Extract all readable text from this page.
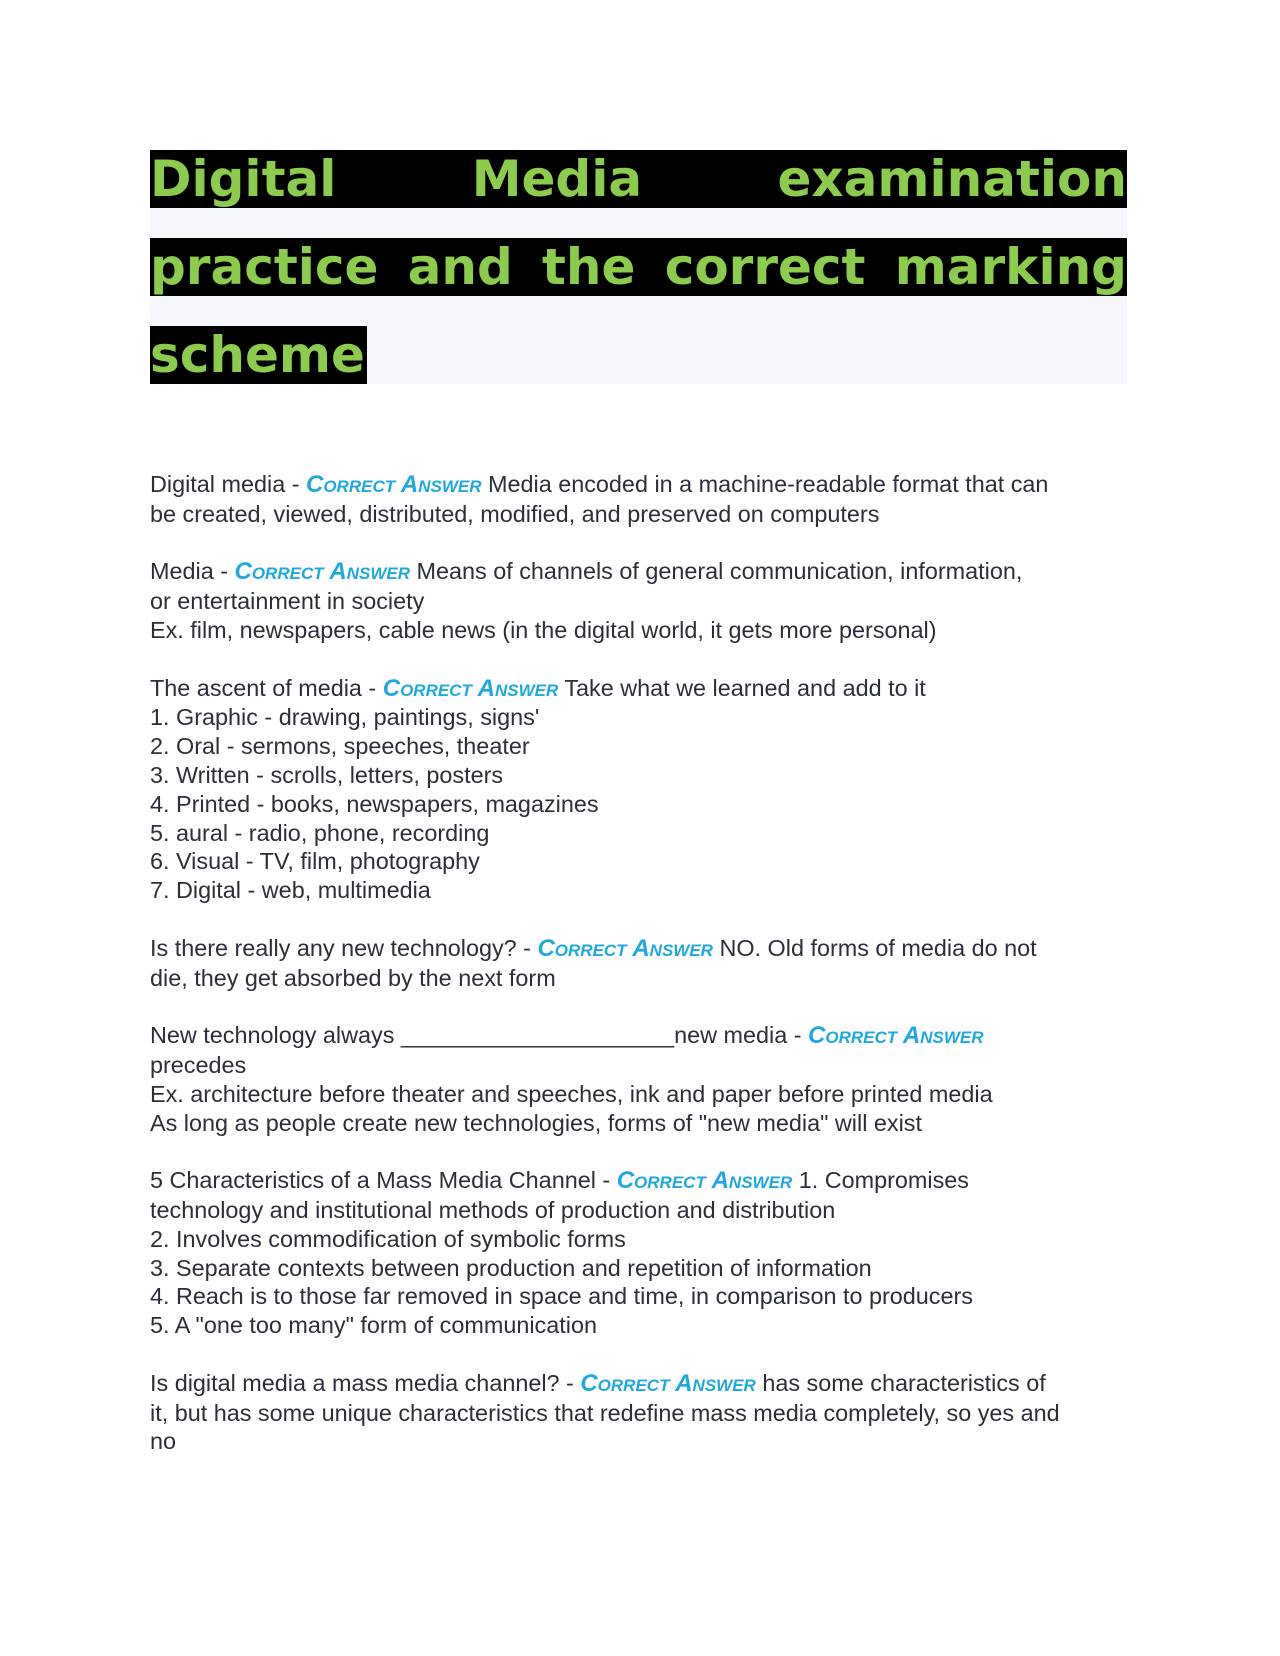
Digital	Media	examination
practice and the correct marking
scheme
Digital media - Correct Answer Media encoded in a machine-readable format that can
be created, viewed, distributed, modified, and preserved on computers
Media - Correct Answer Means of channels of general communication, information,
or entertainment in society
Ex. film, newspapers, cable news (in the digital world, it gets more personal)
The ascent of media - Correct Answer Take what we learned and add to it
1. Graphic - drawing, paintings, signs'
2. Oral - sermons, speeches, theater
3. Written - scrolls, letters, posters
4. Printed - books, newspapers, magazines
5. aural - radio, phone, recording
6. Visual - TV, film, photography
7. Digital - web, multimedia
Is there really any new technology? - Correct Answer NO. Old forms of media do not
die, they get absorbed by the next form
New technology always _____________________new media - Correct Answer
precedes
Ex. architecture before theater and speeches, ink and paper before printed media
As long as people create new technologies, forms of "new media" will exist
5 Characteristics of a Mass Media Channel - Correct Answer 1. Compromises
technology and institutional methods of production and distribution
2. Involves commodification of symbolic forms
3. Separate contexts between production and repetition of information
4. Reach is to those far removed in space and time, in comparison to producers
5. A "one too many" form of communication
Is digital media a mass media channel? - Correct Answer has some characteristics of
it, but has some unique characteristics that redefine mass media completely, so yes and
no
